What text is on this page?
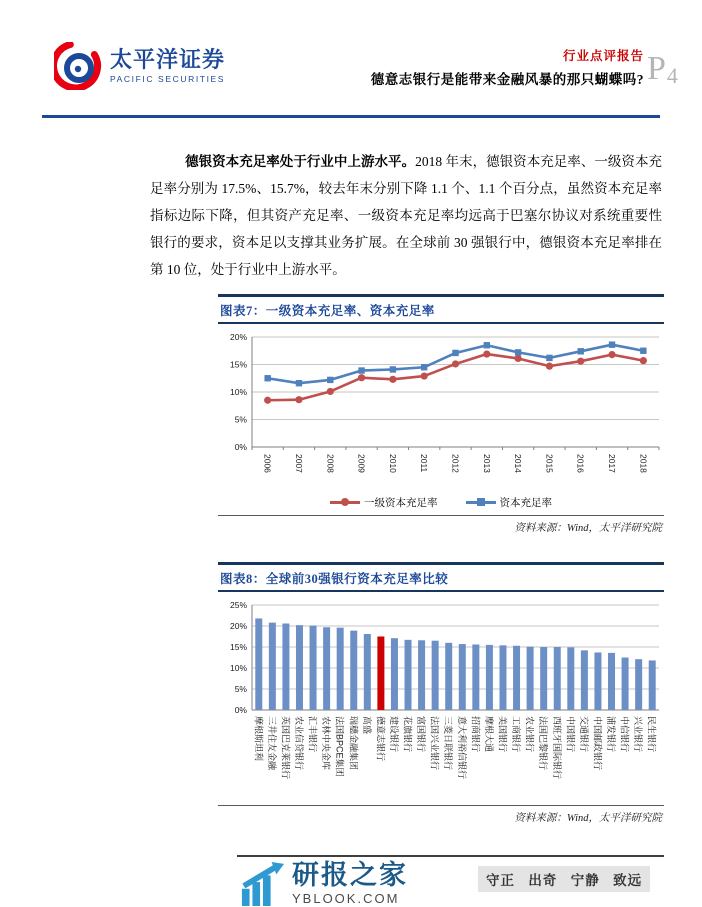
太平洋证券
PACIFIC SECURITIES
行业点评报告
德意志银行是能带来金融风暴的那只蝴蝶吗? P4

德银资本充足率处于行业中上游水平。2018 年末，德银资本充足率、一级资本充足率分别为 17.5%、15.7%，较去年末分别下降 1.1 个、1.1 个百分点，虽然资本充足率指标边际下降，但其资产充足率、一级资本充足率均远高于巴塞尔协议对系统重要性银行的要求，资本足以支撑其业务扩展。在全球前 30 强银行中，德银资本充足率排在第 10 位，处于行业中上游水平。

图表7：一级资本充足率、资本充足率
0%
5%
10%
15%
20%
2006	2007	2008	2009	2010	2011	2012	2013	2014	2015	2016	2017	2018
一级资本充足率	资本充足率
资料来源：Wind，太平洋研究院
图表8：全球前30强银行资本充足率比较
0%
5%
10%
15%
20%
25%
摩根斯坦利 三井住友金融 英国巴克莱银行 农业信贷银行 汇丰银行 农林中央金库 法国BPCE集团 瑞穗金融集团 高盛 德意志银行 建设银行 花旗银行 富国银行 法国兴业银行 三菱日联银行 意大利裕信银行 招商银行 摩根大通 美国银行 工商银行 农业银行 法国巴黎银行 西班牙国际银行 中国银行 交通银行 中国邮政银行 浦发银行 中信银行 兴业银行 民生银行
资料来源：Wind，太平洋研究院
研报之家
YBLOOK.COM
守正 出奇 宁静 致远
